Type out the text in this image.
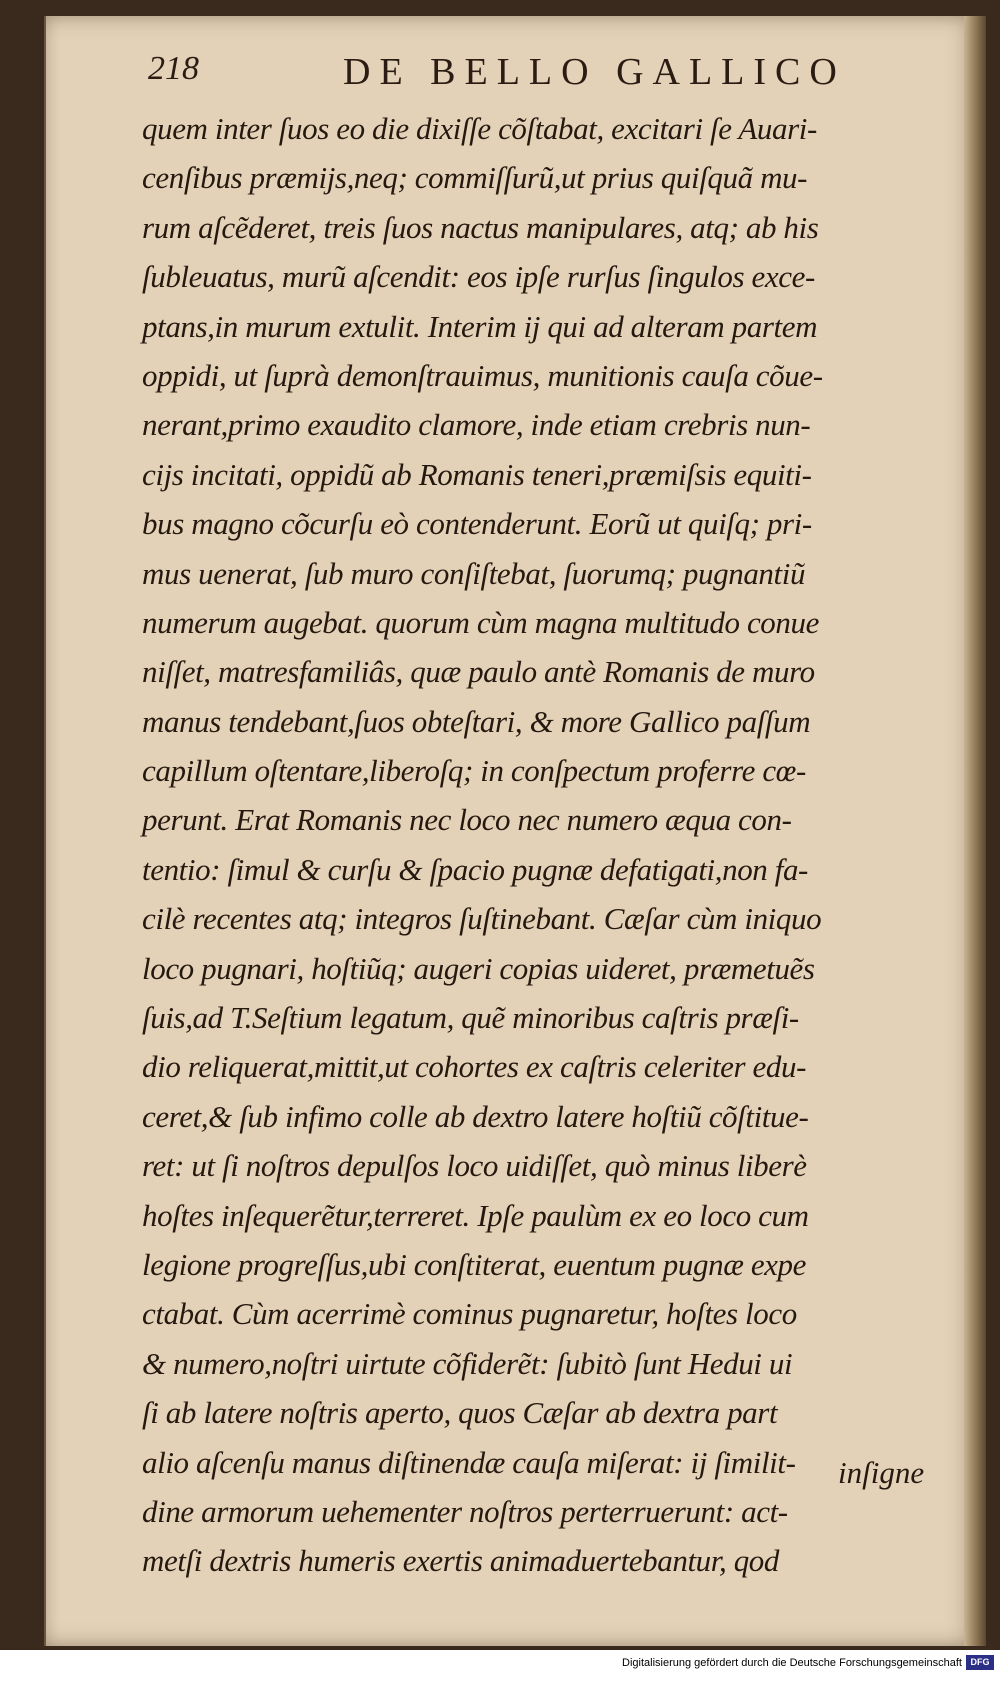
218	DE BELLO GALLICO
quem inter ſuos eo die dixiſſe cõſtabat, excitari ſe Auari-
cenſibus præmijs,neq; commiſſurũ,ut prius quiſquã mu-
rum aſcẽderet, treis ſuos nactus manipulares, atq; ab his
ſubleuatus, murũ aſcendit: eos ipſe rurſus ſingulos exce-
ptans,in murum extulit. Interim ij qui ad alteram partem
oppidi, ut ſuprà demonſtrauimus, munitionis cauſa cõue-
nerant,primo exaudito clamore, inde etiam crebris nun-
cijs incitati, oppidũ ab Romanis teneri,præmiſsis equiti-
bus magno cõcurſu eò contenderunt. Eorũ ut quiſq; pri-
mus uenerat, ſub muro conſiſtebat, ſuorumq; pugnantiũ
numerum augebat. quorum cùm magna multitudo conue
niſſet, matresfamiliâs, quæ paulo antè Romanis de muro
manus tendebant,ſuos obteſtari, & more Gallico paſſum
capillum oſtentare,liberoſq; in conſpectum proferre cœ-
perunt. Erat Romanis nec loco nec numero æqua con-
tentio: ſimul & curſu & ſpacio pugnæ defatigati,non fa-
cilè recentes atq; integros ſuſtinebant. Cæſar cùm iniquo
loco pugnari, hoſtiũq; augeri copias uideret, præmetuẽs
ſuis,ad T.Seſtium legatum, quẽ minoribus caſtris præſi-
dio reliquerat,mittit,ut cohortes ex caſtris celeriter edu-
ceret,& ſub infimo colle ab dextro latere hoſtiũ cõſtitue-
ret: ut ſi noſtros depulſos loco uidiſſet, quò minus liberè
hoſtes inſequerẽtur,terreret. Ipſe paulùm ex eo loco cum
legione progreſſus,ubi conſtiterat, euentum pugnæ expe
ctabat. Cùm acerrimè cominus pugnaretur, hoſtes loco
& numero,noſtri uirtute cõfiderẽt: ſubitò ſunt Hedui ui
ſi ab latere noſtris aperto, quos Cæſar ab dextra part
alio aſcenſu manus diſtinendæ cauſa miſerat: ij ſimilit-
dine armorum uehementer noſtros perterruerunt: act-
metſi dextris humeris exertis animaduertebantur, qod
inſigne
Digitalisierung gefördert durch die Deutsche Forschungsgemeinschaft DFG
